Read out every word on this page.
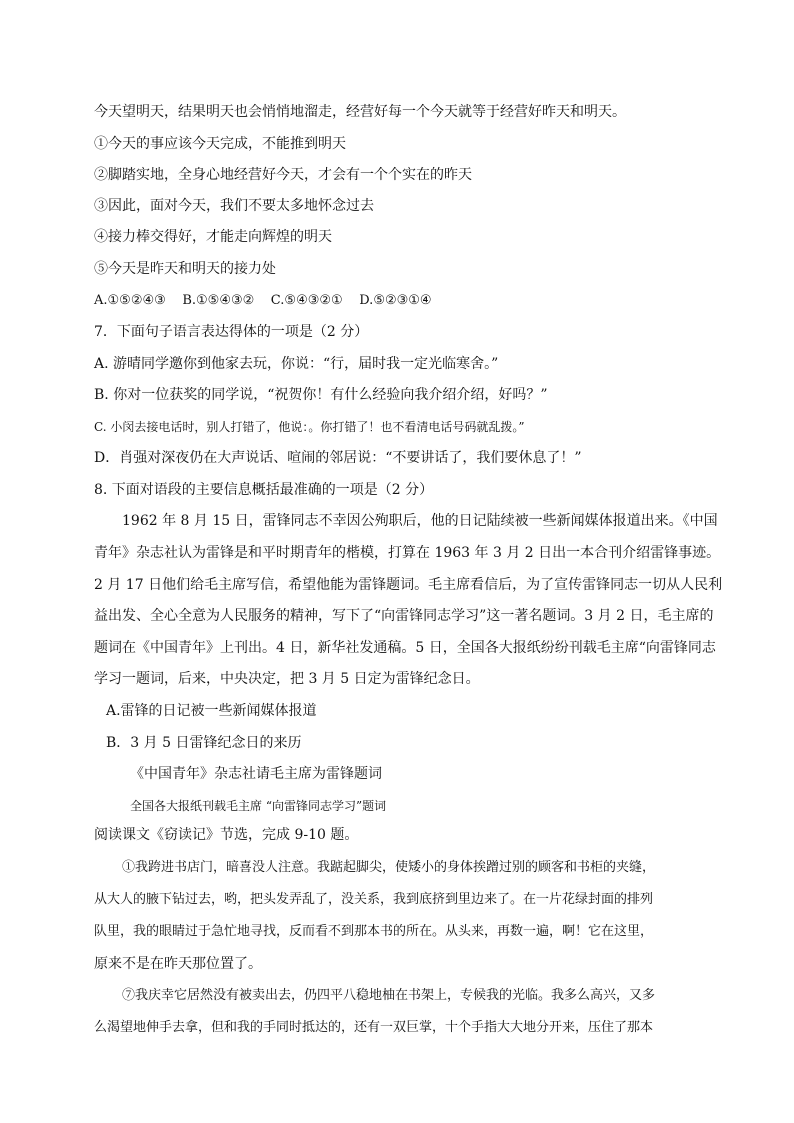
今天望明天，结果明天也会悄悄地溜走，经营好每一个今天就等于经营好昨天和明天。
①今天的事应该今天完成，不能推到明天
②脚踏实地，全身心地经营好今天，才会有一个个实在的昨天
③因此，面对今天，我们不要太多地怀念过去
④接力棒交得好，才能走向辉煌的明天
⑤今天是昨天和明天的接力处
A.①⑤②④③    B.①⑤④③②    C.⑤④③②①    D.⑤②③①④
7．下面句子语言表达得体的一项是（2 分）
A. 游晴同学邀你到他家去玩，你说：“行，届时我一定光临寒舍。”
B. 你对一位获奖的同学说，“祝贺你！有什么经验向我介绍介绍，好吗？”
C. 小闵去接电话时，别人打错了，他说：。你打错了！也不看清电话号码就乱拨。”
D．肖强对深夜仍在大声说话、喧闹的邻居说：“不要讲话了，我们要休息了！”
8. 下面对语段的主要信息概括最准确的一项是（2 分）
1962 年 8 月 15 日，雷锋同志不幸因公殉职后，他的日记陆续被一些新闻媒体报道出来。《中国
青年》杂志社认为雷锋是和平时期青年的楷模，打算在 1963 年 3 月 2 日出一本合刊介绍雷锋事迹。
2 月 17 日他们给毛主席写信，希望他能为雷锋题词。毛主席看信后，为了宣传雷锋同志一切从人民利
益出发、全心全意为人民服务的精神，写下了“向雷锋同志学习”这一著名题词。3 月 2 日，毛主席的
题词在《中国青年》上刊出。4 日，新华社发通稿。5 日，全国各大报纸纷纷刊载毛主席“向雷锋同志
学习一题词，后来，中央决定，把 3 月 5 日定为雷锋纪念日。
A.雷锋的日记被一些新闻媒体报道
B．3 月 5 日雷锋纪念日的来历
《中国青年》杂志社请毛主席为雷锋题词
全国各大报纸刊载毛主席 “向雷锋同志学习”题词
阅读课文《窃读记》节选，完成 9-10 题。
①我跨进书店门，暗喜没人注意。我踮起脚尖，使矮小的身体挨蹭过别的顾客和书柜的夹缝，
从大人的腋下钻过去，哟，把头发弄乱了，没关系，我到底挤到里边来了。在一片花绿封面的排列
队里，我的眼睛过于急忙地寻找，反而看不到那本书的所在。从头来，再数一遍，啊！它在这里，
原来不是在昨天那位置了。
⑦我庆幸它居然没有被卖出去，仍四平八稳地柚在书架上，专候我的光临。我多么高兴，又多
么渴望地伸手去拿，但和我的手同时抵达的，还有一双巨掌，十个手指大大地分开来，压住了那本
